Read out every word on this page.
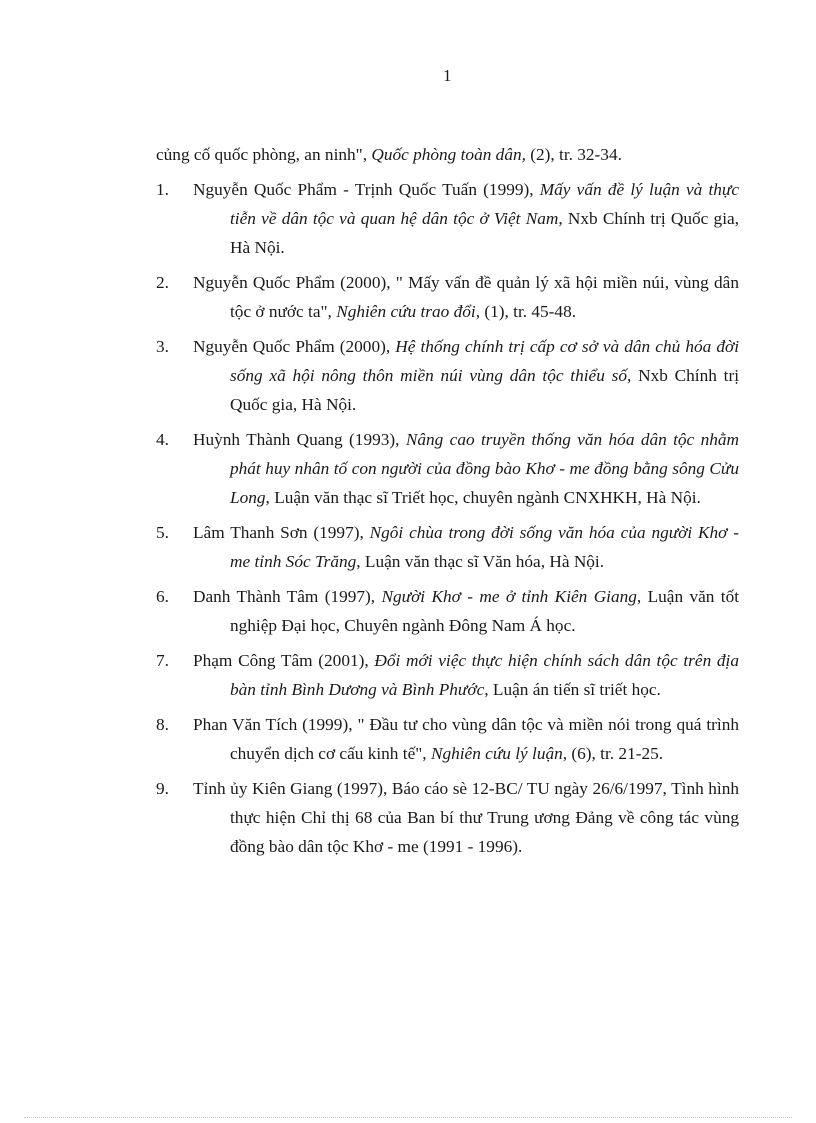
1

củng cố quốc phòng, an ninh", Quốc phòng toàn dân, (2), tr. 32-34.

1. Nguyễn Quốc Phẩm - Trịnh Quốc Tuấn (1999), Mấy vấn đề lý luận và thực tiễn về dân tộc và quan hệ dân tộc ở Việt Nam, Nxb Chính trị Quốc gia, Hà Nội.
2. Nguyễn Quốc Phẩm (2000), " Mấy vấn đề quản lý xã hội miền núi, vùng dân tộc ở nước ta", Nghiên cứu trao đổi, (1), tr. 45-48.
3. Nguyễn Quốc Phẩm (2000), Hệ thống chính trị cấp cơ sở và dân chủ hóa đời sống xã hội nông thôn miền núi vùng dân tộc thiểu số, Nxb Chính trị Quốc gia, Hà Nội.
4. Huỳnh Thành Quang (1993), Nâng cao truyền thống văn hóa dân tộc nhằm phát huy nhân tố con người của đồng bào Khơ - me đồng bằng sông Cửu Long, Luận văn thạc sĩ Triết học, chuyên ngành CNXHKH, Hà Nội.
5. Lâm Thanh Sơn (1997), Ngôi chùa trong đời sống văn hóa của người Khơ - me tỉnh Sóc Trăng, Luận văn thạc sĩ Văn hóa, Hà Nội.
6. Danh Thành Tâm (1997), Người Khơ - me ở tỉnh Kiên Giang, Luận văn tốt nghiệp Đại học, Chuyên ngành Đông Nam Á học.
7. Phạm Công Tâm (2001), Đổi mới việc thực hiện chính sách dân tộc trên địa bàn tỉnh Bình Dương và Bình Phước, Luận án tiến sĩ triết học.
8. Phan Văn Tích (1999), " Đầu tư cho vùng dân tộc và miền nói trong quá trình chuyển dịch cơ cấu kinh tế", Nghiên cứu lý luận, (6), tr. 21-25.
9. Tỉnh ủy Kiên Giang (1997), Báo cáo sè 12-BC/ TU ngày 26/6/1997, Tình hình thực hiện Chỉ thị 68 của Ban bí thư Trung ương Đảng về công tác vùng đồng bào dân tộc Khơ - me (1991 - 1996).
